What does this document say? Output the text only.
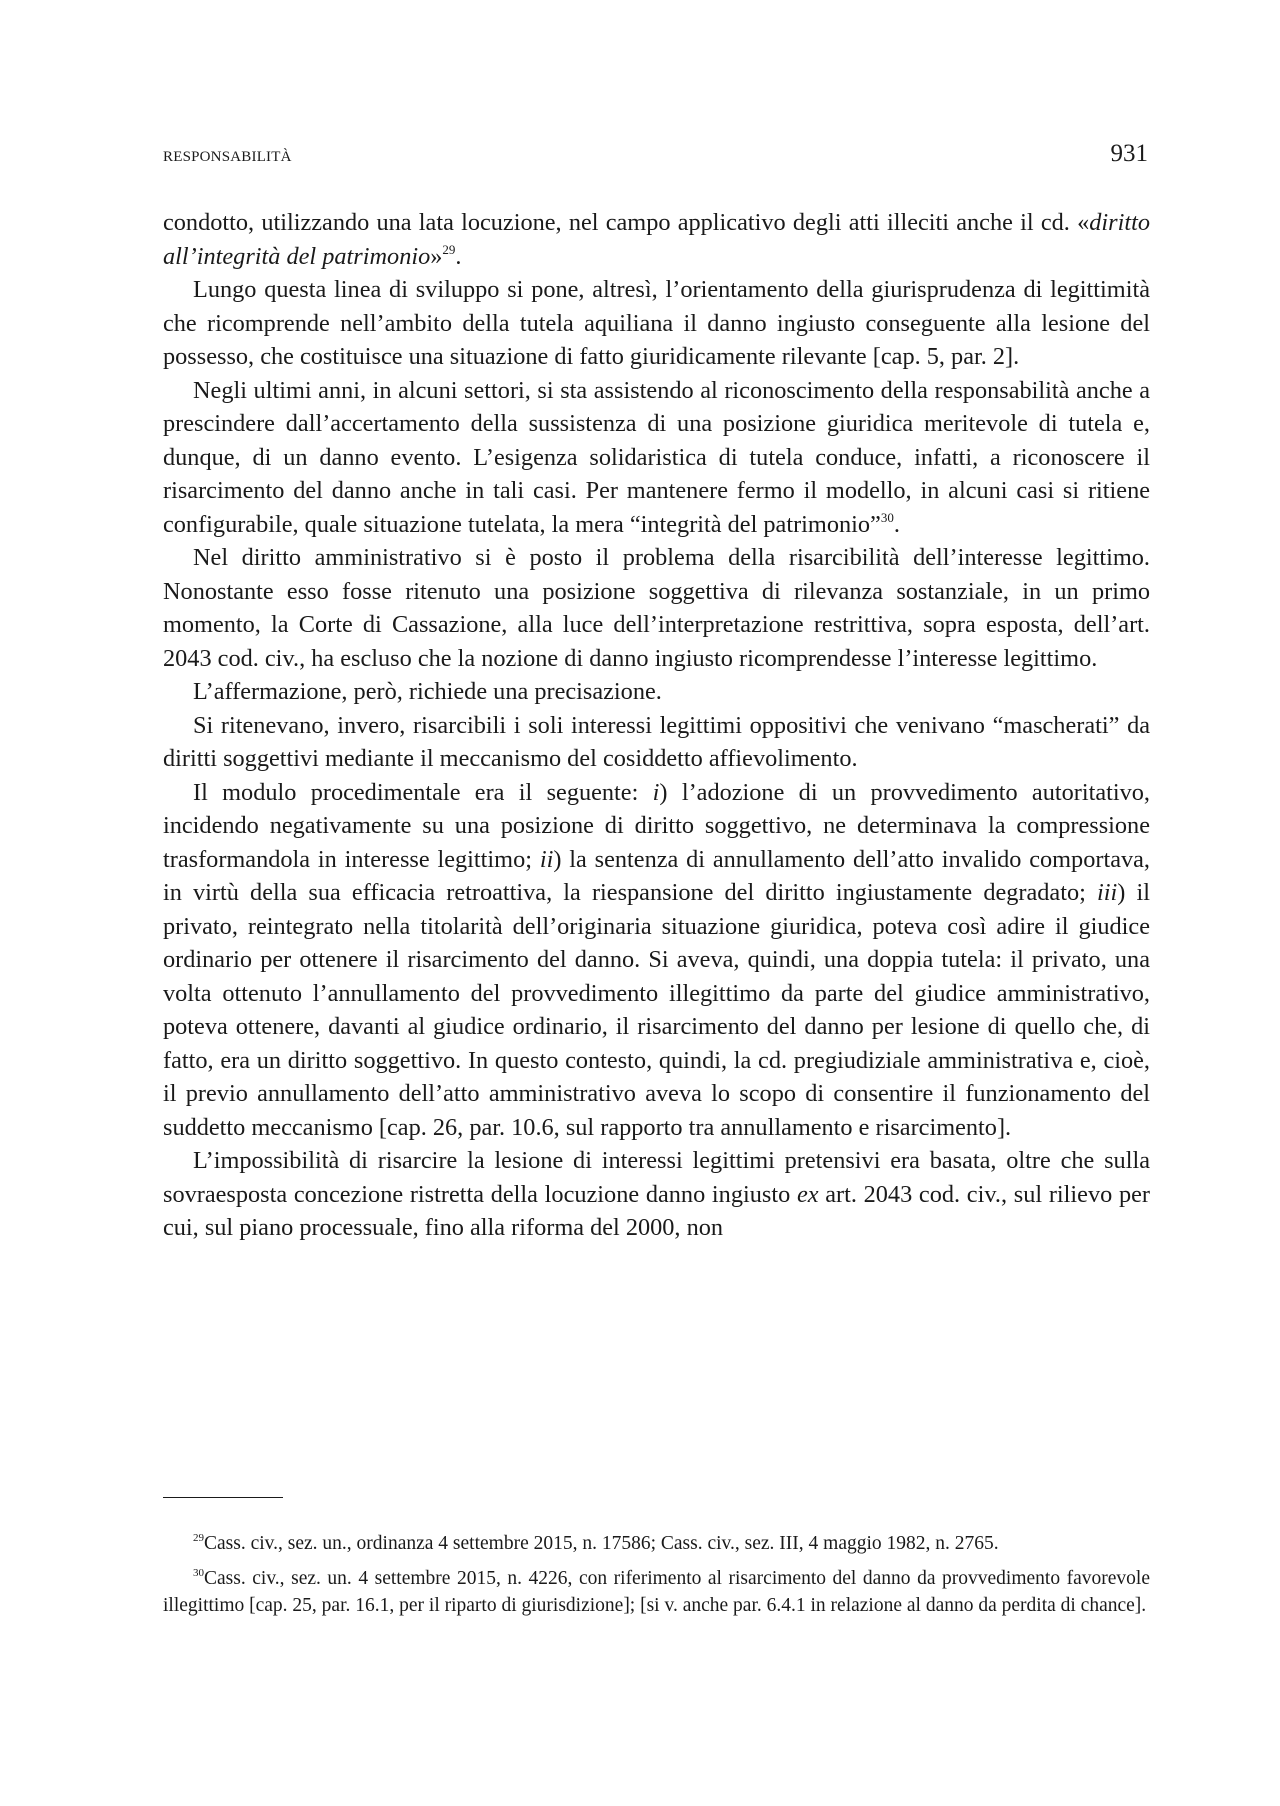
RESPONSABILITÀ	931

condotto, utilizzando una lata locuzione, nel campo applicativo degli atti illeciti anche il cd. «diritto all’integrità del patrimonio»$^{29}$.

Lungo questa linea di sviluppo si pone, altresì, l’orientamento della giurisprudenza di legittimità che ricomprende nell’ambito della tutela aquiliana il danno ingiusto conseguente alla lesione del possesso, che costituisce una situazione di fatto giuridicamente rilevante [cap. 5, par. 2].

Negli ultimi anni, in alcuni settori, si sta assistendo al riconoscimento della responsabilità anche a prescindere dall’accertamento della sussistenza di una posizione giuridica meritevole di tutela e, dunque, di un danno evento. L’esigenza solidaristica di tutela conduce, infatti, a riconoscere il risarcimento del danno anche in tali casi. Per mantenere fermo il modello, in alcuni casi si ritiene configurabile, quale situazione tutelata, la mera “integrità del patrimonio”$^{30}$.

Nel diritto amministrativo si è posto il problema della risarcibilità dell’interesse legittimo. Nonostante esso fosse ritenuto una posizione soggettiva di rilevanza sostanziale, in un primo momento, la Corte di Cassazione, alla luce dell’interpretazione restrittiva, sopra esposta, dell’art. 2043 cod. civ., ha escluso che la nozione di danno ingiusto ricomprendesse l’interesse legittimo.

L’affermazione, però, richiede una precisazione.

Si ritenevano, invero, risarcibili i soli interessi legittimi oppositivi che venivano “mascherati” da diritti soggettivi mediante il meccanismo del cosiddetto affievolimento.

Il modulo procedimentale era il seguente: i) l’adozione di un provvedimento autoritativo, incidendo negativamente su una posizione di diritto soggettivo, ne determinava la compressione trasformandola in interesse legittimo; ii) la sentenza di annullamento dell’atto invalido comportava, in virtù della sua efficacia retroattiva, la riespansione del diritto ingiustamente degradato; iii) il privato, reintegrato nella titolarità dell’originaria situazione giuridica, poteva così adire il giudice ordinario per ottenere il risarcimento del danno. Si aveva, quindi, una doppia tutela: il privato, una volta ottenuto l’annullamento del provvedimento illegittimo da parte del giudice amministrativo, poteva ottenere, davanti al giudice ordinario, il risarcimento del danno per lesione di quello che, di fatto, era un diritto soggettivo. In questo contesto, quindi, la cd. pregiudiziale amministrativa e, cioè, il previo annullamento dell’atto amministrativo aveva lo scopo di consentire il funzionamento del suddetto meccanismo [cap. 26, par. 10.6, sul rapporto tra annullamento e risarcimento].

L’impossibilità di risarcire la lesione di interessi legittimi pretensivi era basata, oltre che sulla sovraesposta concezione ristretta della locuzione danno ingiusto ex art. 2043 cod. civ., sul rilievo per cui, sul piano processuale, fino alla riforma del 2000, non

$^{29}$Cass. civ., sez. un., ordinanza 4 settembre 2015, n. 17586; Cass. civ., sez. III, 4 maggio 1982, n. 2765.

$^{30}$Cass. civ., sez. un. 4 settembre 2015, n. 4226, con riferimento al risarcimento del danno da provvedimento favorevole illegittimo [cap. 25, par. 16.1, per il riparto di giurisdizione]; [si v. anche par. 6.4.1 in relazione al danno da perdita di chance].
